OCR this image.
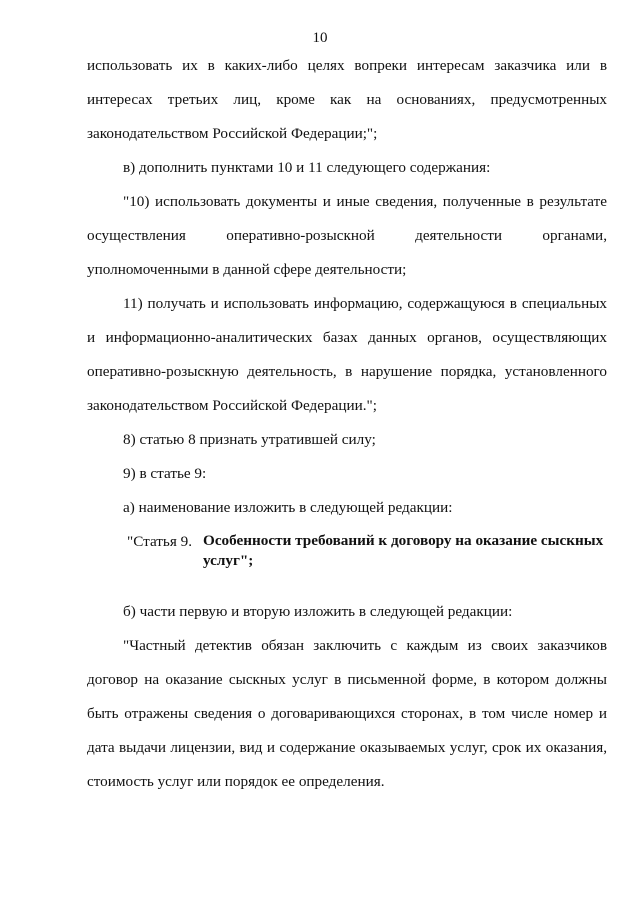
10
использовать их в каких-либо целях вопреки интересам заказчика или в
интересах третьих лиц, кроме как на основаниях, предусмотренных
законодательством Российской Федерации;";
в) дополнить пунктами 10 и 11 следующего содержания:
"10) использовать документы и иные сведения, полученные в результате
осуществления оперативно-розыскной деятельности органами,
уполномоченными в данной сфере деятельности;
11) получать и использовать информацию, содержащуюся в специальных
и информационно-аналитических базах данных органов, осуществляющих
оперативно-розыскную деятельность, в нарушение порядка, установленного
законодательством Российской Федерации.";
8) статью 8 признать утратившей силу;
9) в статье 9:
а) наименование изложить в следующей редакции:
"Статья 9. Особенности требований к договору на оказание сыскных услуг";
б) части первую и вторую изложить в следующей редакции:
"Частный детектив обязан заключить с каждым из своих заказчиков
договор на оказание сыскных услуг в письменной форме, в котором должны
быть отражены сведения о договаривающихся сторонах, в том числе номер и
дата выдачи лицензии, вид и содержание оказываемых услуг, срок их оказания,
стоимость услуг или порядок ее определения.
